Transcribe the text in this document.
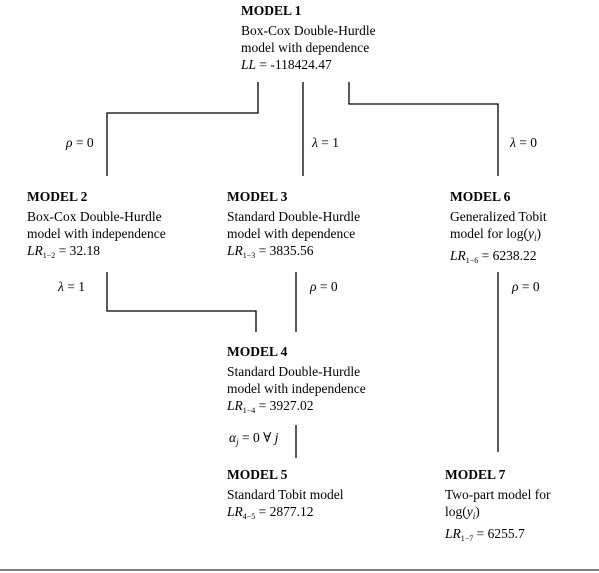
MODEL 1
Box-Cox Double-Hurdle
model with dependence
LL = -118424.47
MODEL 2
Box-Cox Double-Hurdle
model with independence
$LR_{1-2} = 32.18$
MODEL 3
Standard Double-Hurdle
model with dependence
$LR_{1-3} = 3835.56$
MODEL 6
Generalized Tobit
model for $\log(y_i)$
$LR_{1-6} = 6238.22$
MODEL 4
Standard Double-Hurdle
model with independence
$LR_{1-4} = 3927.02$
MODEL 5
Standard Tobit model
$LR_{4-5} = 2877.12$
MODEL 7
Two-part model for
$\log(y_i)$
$LR_{1-7} = 6255.7$
ρ = 0	λ = 1	λ = 0
λ = 1	ρ = 0	ρ = 0
$\alpha_j = 0$ ∀ j
